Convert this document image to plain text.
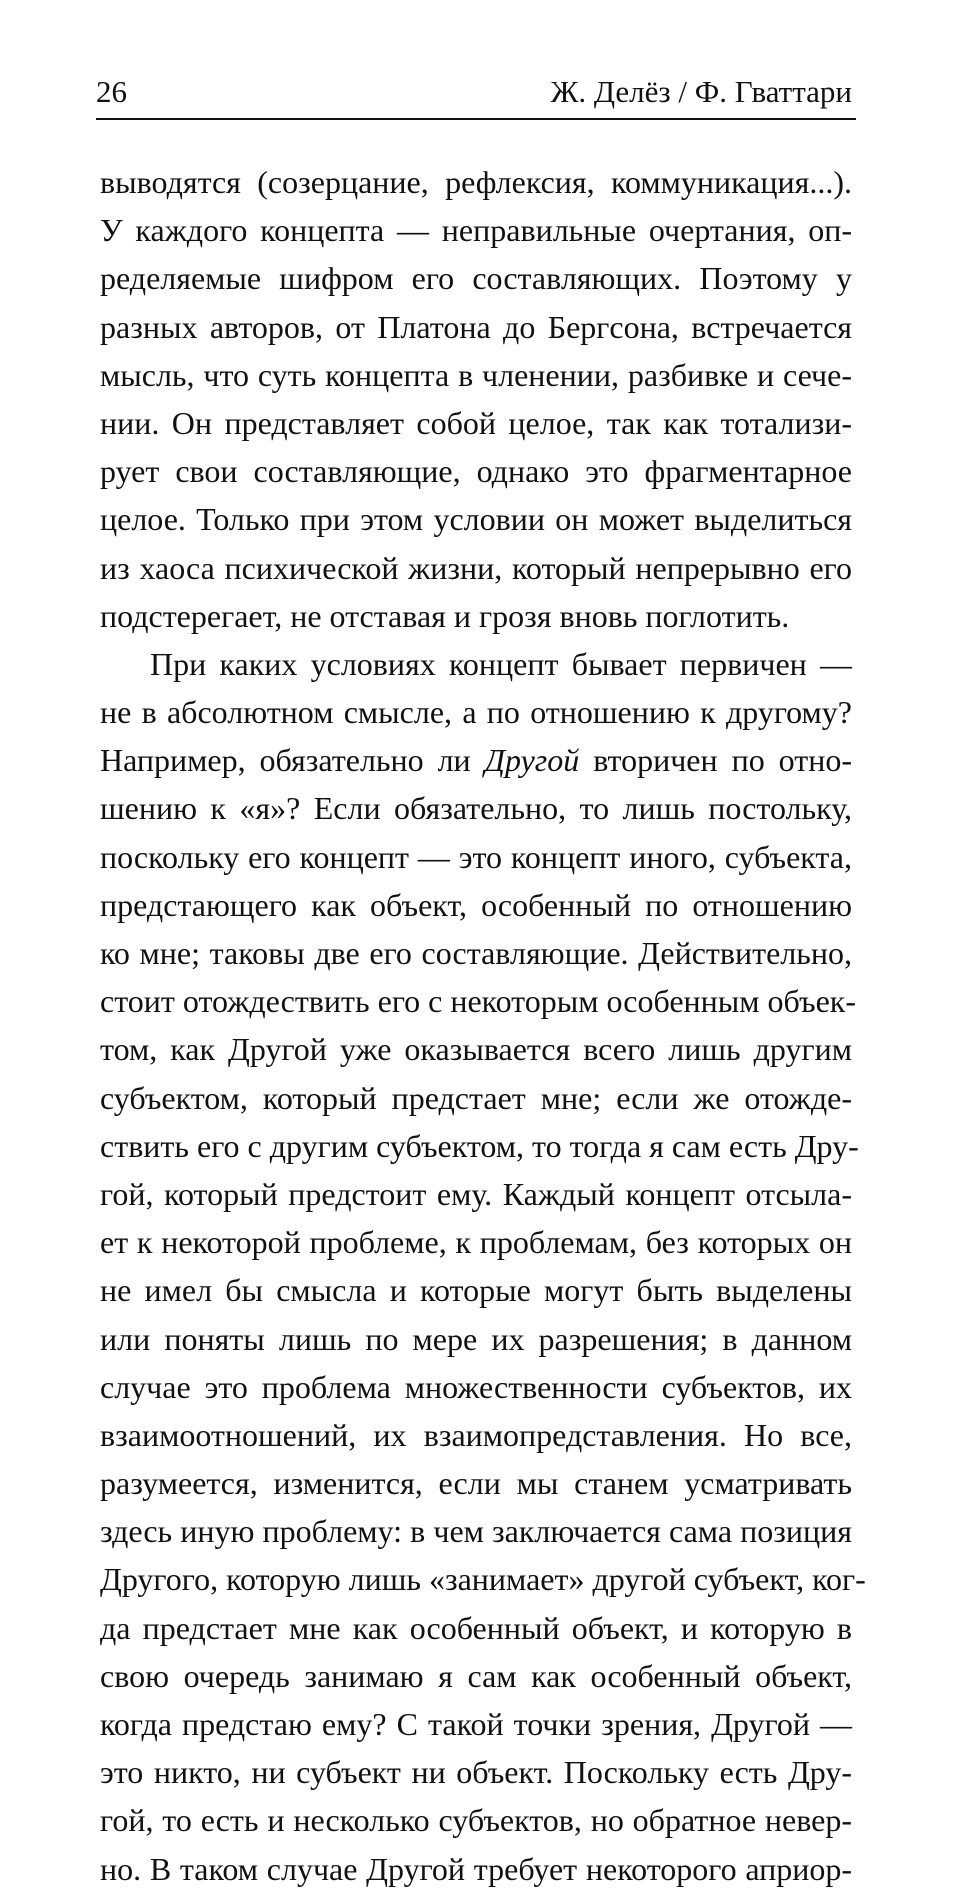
26	Ж. Делёз / Ф. Гваттари
выводятся (созерцание, рефлексия, коммуникация...).
У каждого концепта — неправильные очертания, оп-
ределяемые шифром его составляющих. Поэтому у
разных авторов, от Платона до Бергсона, встречается
мысль, что суть концепта в членении, разбивке и сече-
нии. Он представляет собой целое, так как тотализи-
рует свои составляющие, однако это фрагментарное
целое. Только при этом условии он может выделиться
из хаоса психической жизни, который непрерывно его
подстерегает, не отставая и грозя вновь поглотить.
При каких условиях концепт бывает первичен —
не в абсолютном смысле, а по отношению к другому?
Например, обязательно ли Другой вторичен по отно-
шению к «я»? Если обязательно, то лишь постольку,
поскольку его концепт — это концепт иного, субъекта,
предстающего как объект, особенный по отношению
ко мне; таковы две его составляющие. Действительно,
стоит отождествить его с некоторым особенным объек-
том, как Другой уже оказывается всего лишь другим
субъектом, который предстает мне; если же отожде-
ствить его с другим субъектом, то тогда я сам есть Дру-
гой, который предстоит ему. Каждый концепт отсыла-
ет к некоторой проблеме, к проблемам, без которых он
не имел бы смысла и которые могут быть выделены
или поняты лишь по мере их разрешения; в данном
случае это проблема множественности субъектов, их
взаимоотношений, их взаимопредставления. Но все,
разумеется, изменится, если мы станем усматривать
здесь иную проблему: в чем заключается сама позиция
Другого, которую лишь «занимает» другой субъект, ког-
да предстает мне как особенный объект, и которую в
свою очередь занимаю я сам как особенный объект,
когда предстаю ему? С такой точки зрения, Другой —
это никто, ни субъект ни объект. Поскольку есть Дру-
гой, то есть и несколько субъектов, но обратное невер-
но. В таком случае Другой требует некоторого априор-
